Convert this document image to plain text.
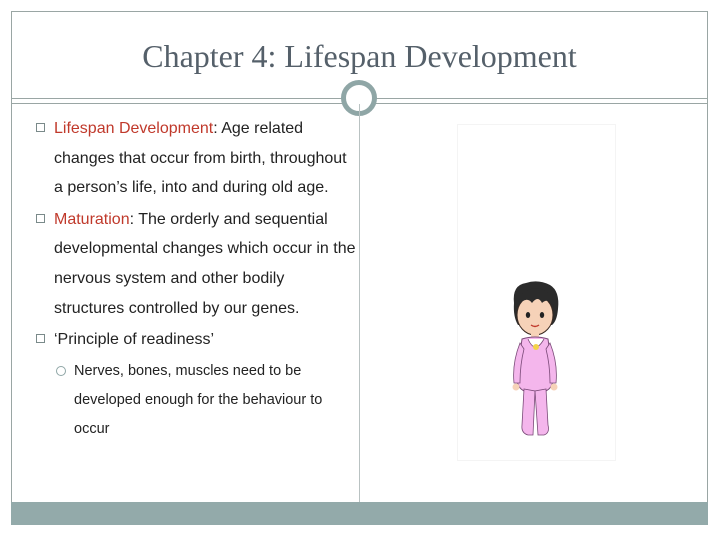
Chapter 4: Lifespan Development
Lifespan Development: Age related changes that occur from birth, throughout a person’s life, into and during old age.
Maturation: The orderly and sequential developmental changes which occur in the nervous system and other bodily structures controlled by our genes.
‘Principle of readiness’
Nerves, bones, muscles need to be developed enough for the behaviour to occur
